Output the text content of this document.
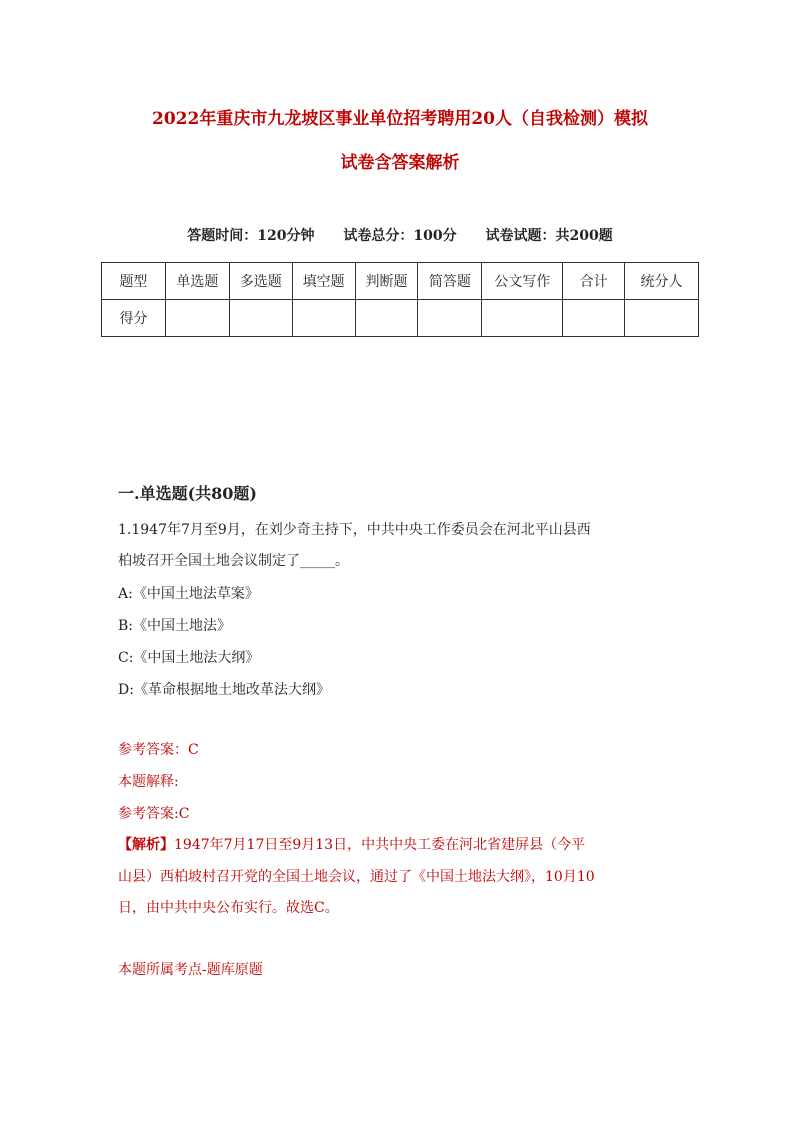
2022年重庆市九龙坡区事业单位招考聘用20人（自我检测）模拟
试卷含答案解析
答题时间：120分钟 试卷总分：100分 试卷试题：共200题
题型	单选题	多选题	填空题	判断题	简答题	公文写作	合计	统分人
得分								
一.单选题(共80题)
1.1947年7月至9月，在刘少奇主持下，中共中央工作委员会在河北平山县西
柏坡召开全国土地会议制定了_____。
A:《中国土地法草案》
B:《中国土地法》
C:《中国土地法大纲》
D:《革命根据地土地改革法大纲》
参考答案：C
本题解释:
参考答案:C
【解析】1947年7月17日至9月13日，中共中央工委在河北省建屏县（今平
山县）西柏坡村召开党的全国土地会议，通过了《中国土地法大纲》，10月10
日，由中共中央公布实行。故选C。
本题所属考点-题库原题
